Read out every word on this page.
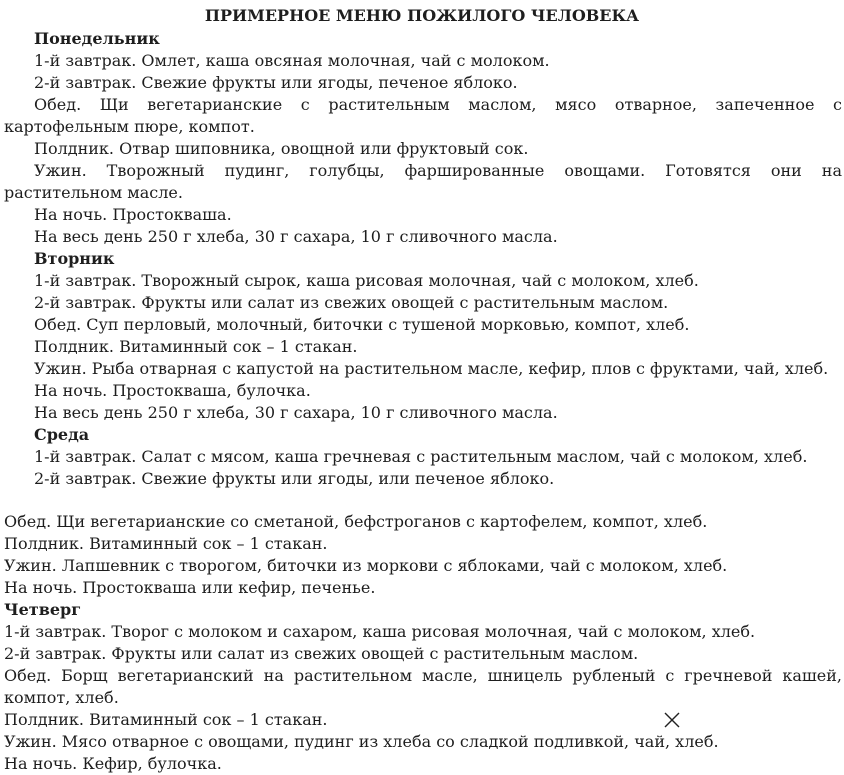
ПРИМЕРНОЕ МЕНЮ ПОЖИЛОГО ЧЕЛОВЕКА
Понедельник
1-й завтрак. Омлет, каша овсяная молочная, чай с молоком.
2-й завтрак. Свежие фрукты или ягоды, печеное яблоко.
Обед. Щи вегетарианские с растительным маслом, мясо отварное, запеченное с картофельным пюре, компот.
Полдник. Отвар шиповника, овощной или фруктовый сок.
Ужин. Творожный пудинг, голубцы, фаршированные овощами. Готовятся они на растительном масле.
На ночь. Простокваша.
На весь день 250 г хлеба, 30 г сахара, 10 г сливочного масла.
Вторник
1-й завтрак. Творожный сырок, каша рисовая молочная, чай с молоком, хлеб.
2-й завтрак. Фрукты или салат из свежих овощей с растительным маслом.
Обед. Суп перловый, молочный, биточки с тушеной морковью, компот, хлеб.
Полдник. Витаминный сок – 1 стакан.
Ужин. Рыба отварная с капустой на растительном масле, кефир, плов с фруктами, чай, хлеб.
На ночь. Простокваша, булочка.
На весь день 250 г хлеба, 30 г сахара, 10 г сливочного масла.
Среда
1-й завтрак. Салат с мясом, каша гречневая с растительным маслом, чай с молоком, хлеб.
2-й завтрак. Свежие фрукты или ягоды, или печеное яблоко.
Обед. Щи вегетарианские со сметаной, бефстроганов с картофелем, компот, хлеб.
Полдник. Витаминный сок – 1 стакан.
Ужин. Лапшевник с творогом, биточки из моркови с яблоками, чай с молоком, хлеб.
На ночь. Простокваша или кефир, печенье.
Четверг
1-й завтрак. Творог с молоком и сахаром, каша рисовая молочная, чай с молоком, хлеб.
2-й завтрак. Фрукты или салат из свежих овощей с растительным маслом.
Обед. Борщ вегетарианский на растительном масле, шницель рубленый с гречневой кашей, компот, хлеб.
Полдник. Витаминный сок – 1 стакан.
Ужин. Мясо отварное с овощами, пудинг из хлеба со сладкой подливкой, чай, хлеб.
На ночь. Кефир, булочка.
